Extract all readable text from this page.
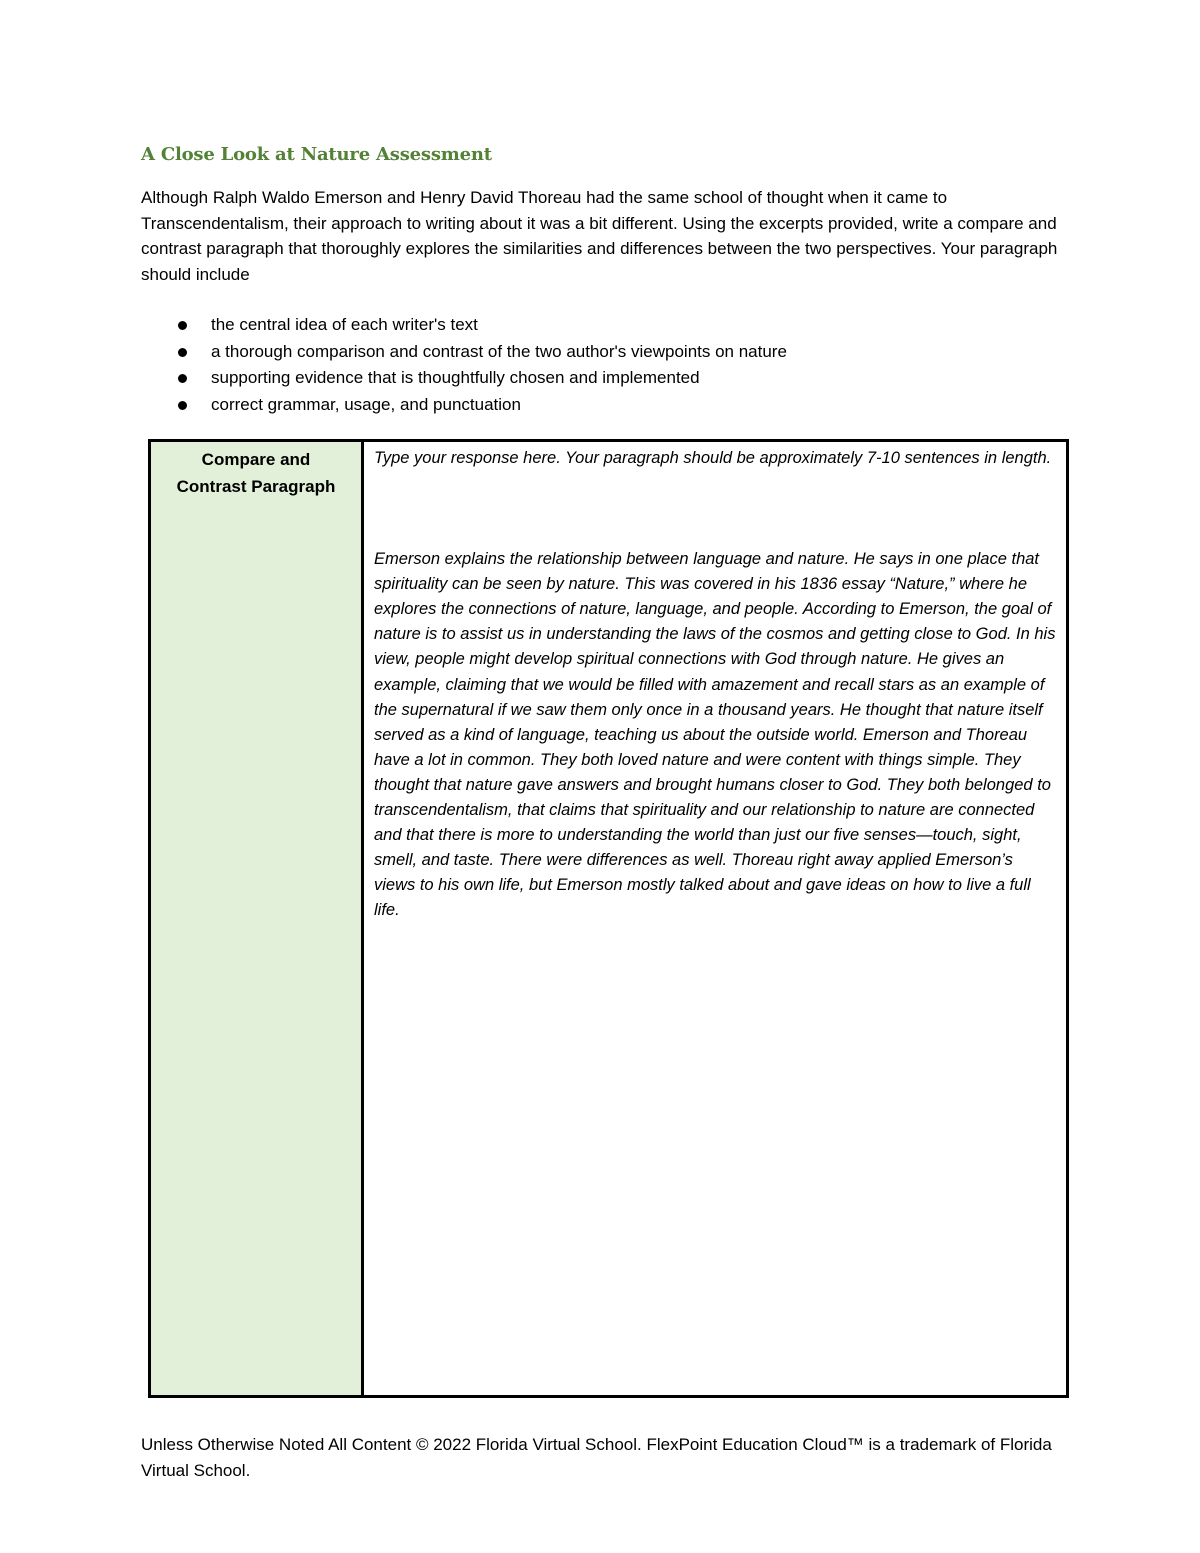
A Close Look at Nature Assessment

Although Ralph Waldo Emerson and Henry David Thoreau had the same school of thought when it came to Transcendentalism, their approach to writing about it was a bit different. Using the excerpts provided, write a compare and contrast paragraph that thoroughly explores the similarities and differences between the two perspectives. Your paragraph should include

the central idea of each writer's text
a thorough comparison and contrast of the two author's viewpoints on nature
supporting evidence that is thoughtfully chosen and implemented
correct grammar, usage, and punctuation
Compare and
Contrast Paragraph

Type your response here. Your paragraph should be approximately 7-10 sentences in length.

Emerson explains the relationship between language and nature. He says in one place that spirituality can be seen by nature. This was covered in his 1836 essay “Nature,” where he explores the connections of nature, language, and people. According to Emerson, the goal of nature is to assist us in understanding the laws of the cosmos and getting close to God. In his view, people might develop spiritual connections with God through nature. He gives an example, claiming that we would be filled with amazement and recall stars as an example of the supernatural if we saw them only once in a thousand years. He thought that nature itself served as a kind of language, teaching us about the outside world. Emerson and Thoreau have a lot in common. They both loved nature and were content with things simple. They thought that nature gave answers and brought humans closer to God. They both belonged to transcendentalism, that claims that spirituality and our relationship to nature are connected and that there is more to understanding the world than just our five senses—touch, sight, smell, and taste. There were differences as well. Thoreau right away applied Emerson’s views to his own life, but Emerson mostly talked about and gave ideas on how to live a full life.

Unless Otherwise Noted All Content © 2022 Florida Virtual School. FlexPoint Education Cloud™ is a trademark of Florida Virtual School.
